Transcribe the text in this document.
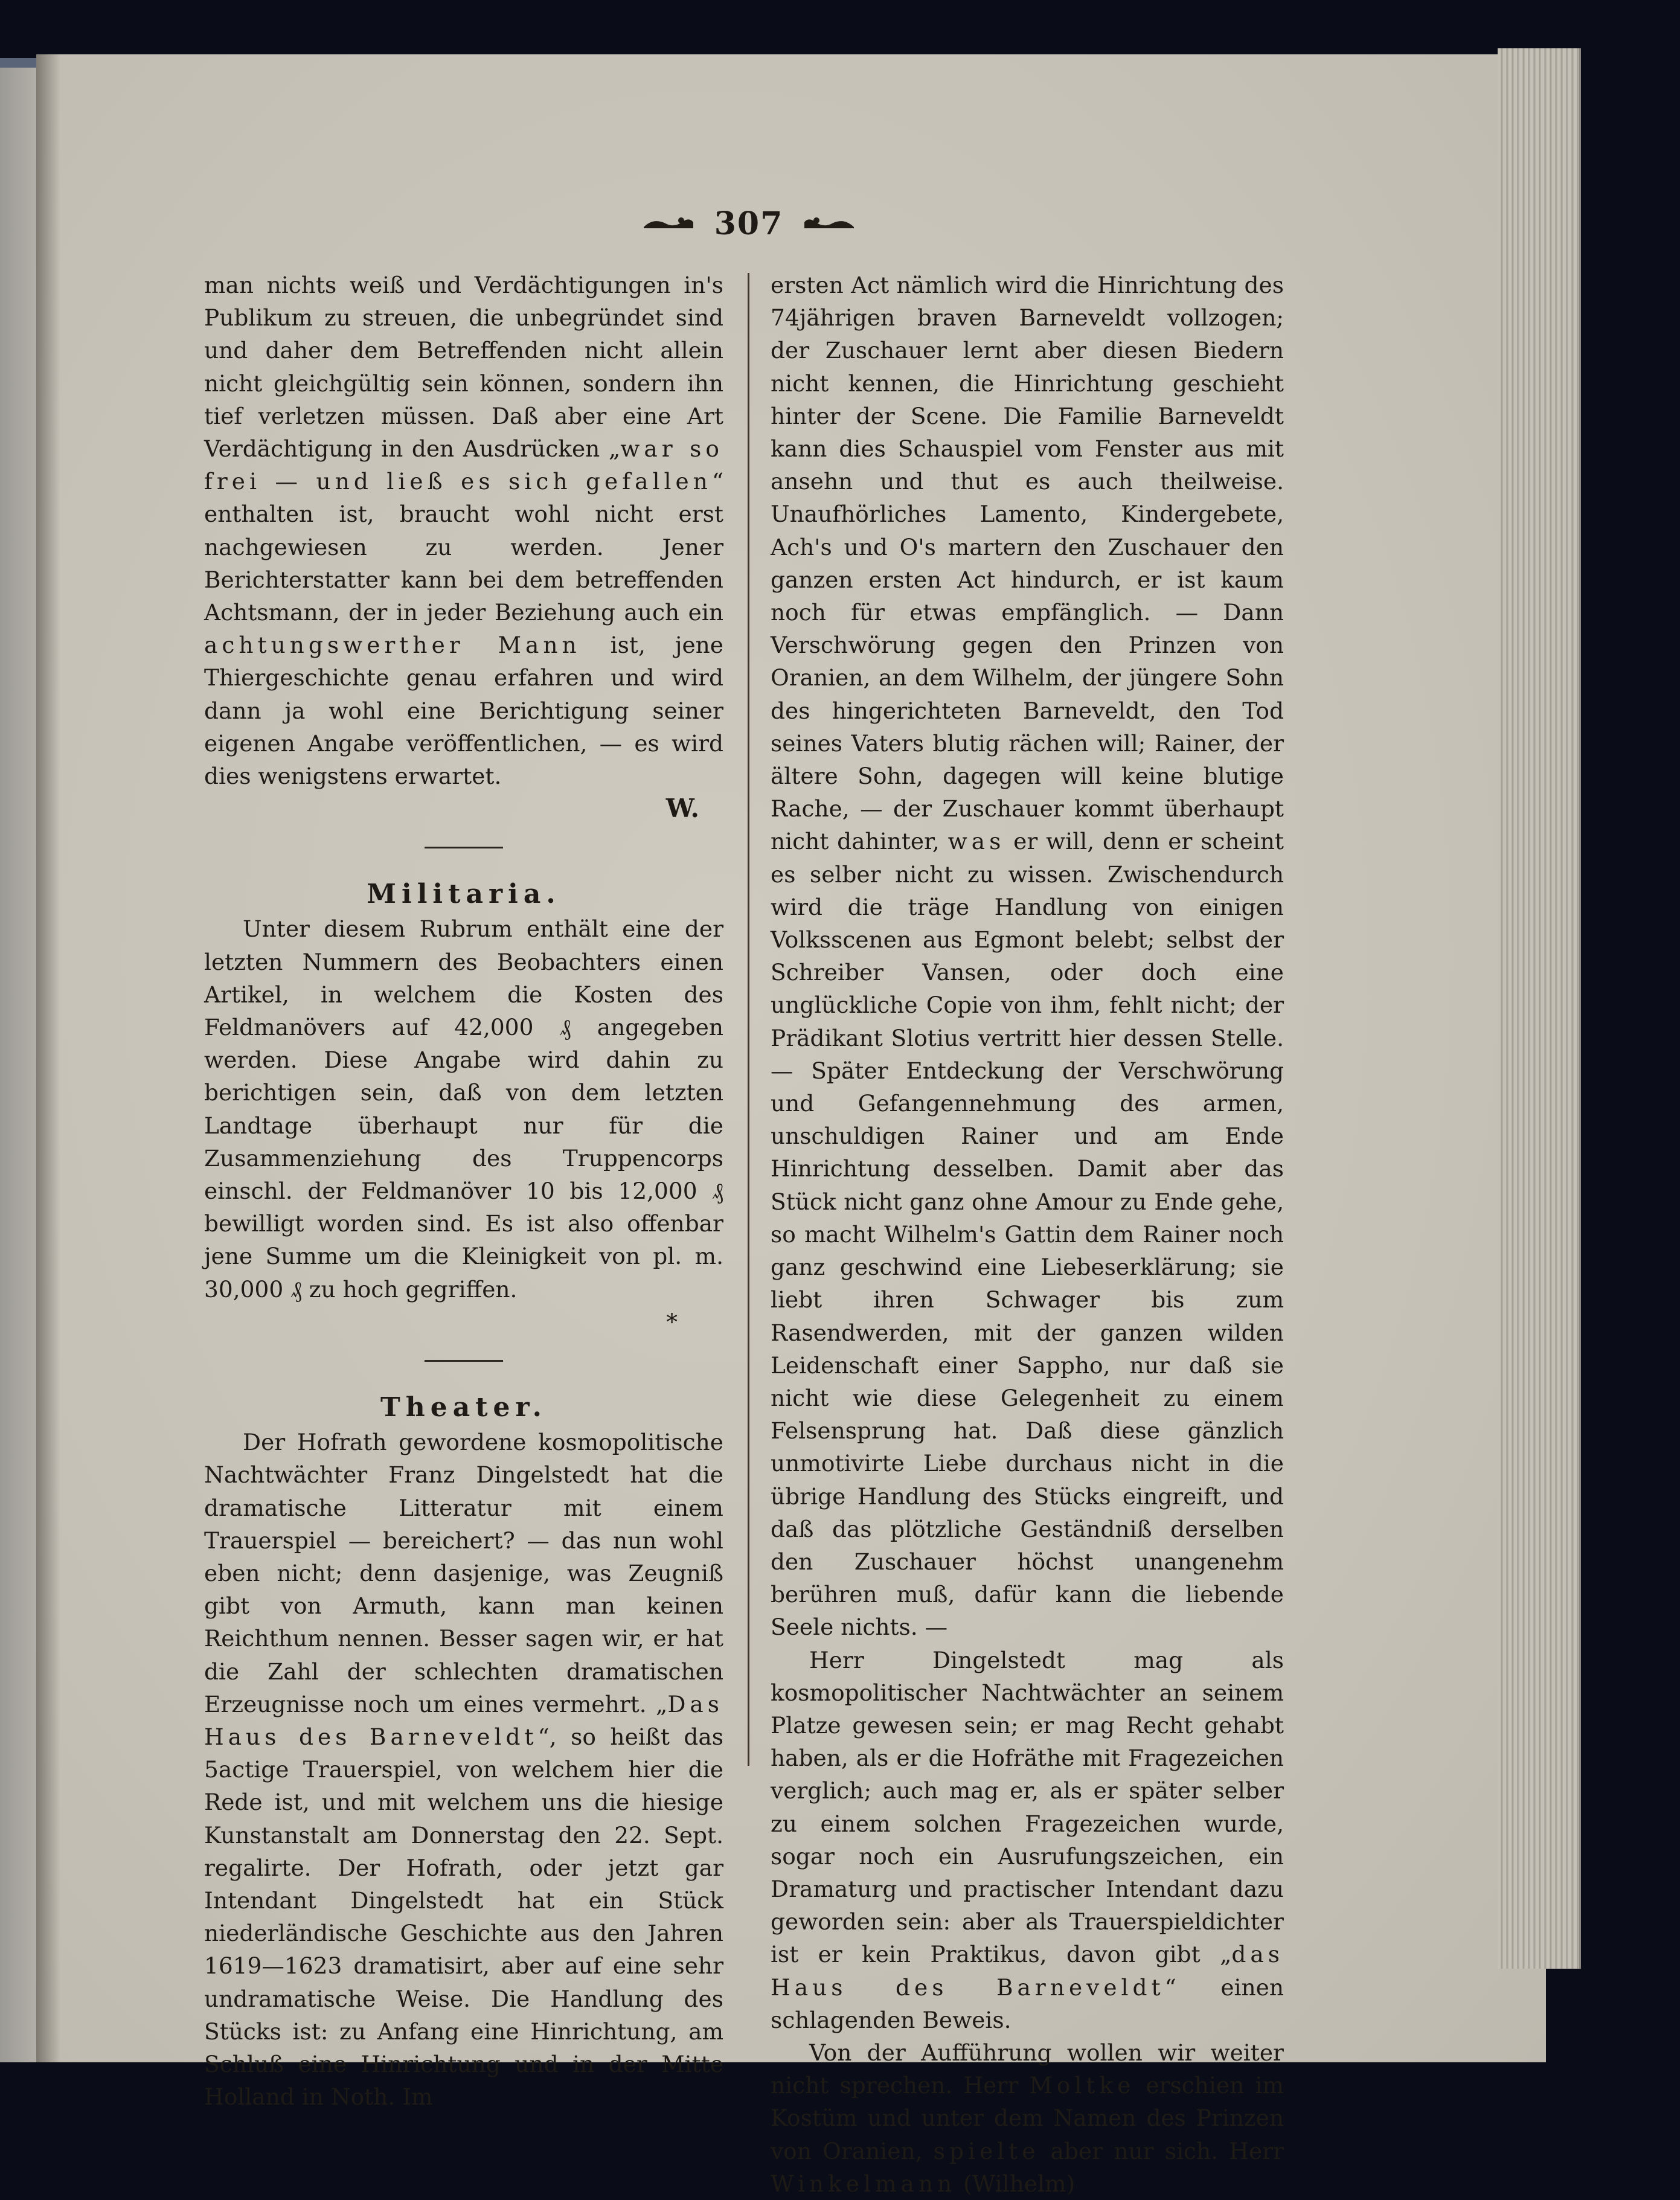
307

man nichts weiß und Verdächtigungen in's Publikum zu streuen, die unbegründet sind und daher dem Betreffenden nicht allein nicht gleichgültig sein können, sondern ihn tief verletzen müssen. Daß aber eine Art Verdächtigung in den Ausdrücken „war so frei — und ließ es sich gefallen“ enthalten ist, braucht wohl nicht erst nachgewiesen zu werden. Jener Berichterstatter kann bei dem betreffenden Achtsmann, der in jeder Beziehung auch ein achtungswerther Mann ist, jene Thiergeschichte genau erfahren und wird dann ja wohl eine Berichtigung seiner eigenen Angabe veröffentlichen, — es wird dies wenigstens erwartet.

W.

Militaria.

Unter diesem Rubrum enthält eine der letzten Nummern des Beobachters einen Artikel, in welchem die Kosten des Feldmanövers auf 42,000 ₰ angegeben werden. Diese Angabe wird dahin zu berichtigen sein, daß von dem letzten Landtage überhaupt nur für die Zusammenziehung des Truppencorps einschl. der Feldmanöver 10 bis 12,000 ₰ bewilligt worden sind. Es ist also offenbar jene Summe um die Kleinigkeit von pl. m. 30,000 ₰ zu hoch gegriffen.

*

Theater.

Der Hofrath gewordene kosmopolitische Nachtwächter Franz Dingelstedt hat die dramatische Litteratur mit einem Trauerspiel — bereichert? — das nun wohl eben nicht; denn dasjenige, was Zeugniß gibt von Armuth, kann man keinen Reichthum nennen. Besser sagen wir, er hat die Zahl der schlechten dramatischen Erzeugnisse noch um eines vermehrt. „Das Haus des Barneveldt“, so heißt das 5actige Trauerspiel, von welchem hier die Rede ist, und mit welchem uns die hiesige Kunstanstalt am Donnerstag den 22. Sept. regalirte. Der Hofrath, oder jetzt gar Intendant Dingelstedt hat ein Stück niederländische Geschichte aus den Jahren 1619—1623 dramatisirt, aber auf eine sehr undramatische Weise. Die Handlung des Stücks ist: zu Anfang eine Hinrichtung, am Schluß eine Hinrichtung und in der Mitte Holland in Noth. Im

ersten Act nämlich wird die Hinrichtung des 74jährigen braven Barneveldt vollzogen; der Zuschauer lernt aber diesen Biedern nicht kennen, die Hinrichtung geschieht hinter der Scene. Die Familie Barneveldt kann dies Schauspiel vom Fenster aus mit ansehn und thut es auch theilweise. Unaufhörliches Lamento, Kindergebete, Ach's und O's martern den Zuschauer den ganzen ersten Act hindurch, er ist kaum noch für etwas empfänglich. — Dann Verschwörung gegen den Prinzen von Oranien, an dem Wilhelm, der jüngere Sohn des hingerichteten Barneveldt, den Tod seines Vaters blutig rächen will; Rainer, der ältere Sohn, dagegen will keine blutige Rache, — der Zuschauer kommt überhaupt nicht dahinter, was er will, denn er scheint es selber nicht zu wissen. Zwischendurch wird die träge Handlung von einigen Volksscenen aus Egmont belebt; selbst der Schreiber Vansen, oder doch eine unglückliche Copie von ihm, fehlt nicht; der Prädikant Slotius vertritt hier dessen Stelle. — Später Entdeckung der Verschwörung und Gefangennehmung des armen, unschuldigen Rainer und am Ende Hinrichtung desselben. Damit aber das Stück nicht ganz ohne Amour zu Ende gehe, so macht Wilhelm's Gattin dem Rainer noch ganz geschwind eine Liebeserklärung; sie liebt ihren Schwager bis zum Rasendwerden, mit der ganzen wilden Leidenschaft einer Sappho, nur daß sie nicht wie diese Gelegenheit zu einem Felsensprung hat. Daß diese gänzlich unmotivirte Liebe durchaus nicht in die übrige Handlung des Stücks eingreift, und daß das plötzliche Geständniß derselben den Zuschauer höchst unangenehm berühren muß, dafür kann die liebende Seele nichts. —

Herr Dingelstedt mag als kosmopolitischer Nachtwächter an seinem Platze gewesen sein; er mag Recht gehabt haben, als er die Hofräthe mit Fragezeichen verglich; auch mag er, als er später selber zu einem solchen Fragezeichen wurde, sogar noch ein Ausrufungszeichen, ein Dramaturg und practischer Intendant dazu geworden sein: aber als Trauerspieldichter ist er kein Praktikus, davon gibt „das Haus des Barneveldt“ einen schlagenden Beweis.

Von der Aufführung wollen wir weiter nicht sprechen. Herr Moltke erschien im Kostüm und unter dem Namen des Prinzen von Oranien, spielte aber nur sich. Herr Winkelmann (Wilhelm)
